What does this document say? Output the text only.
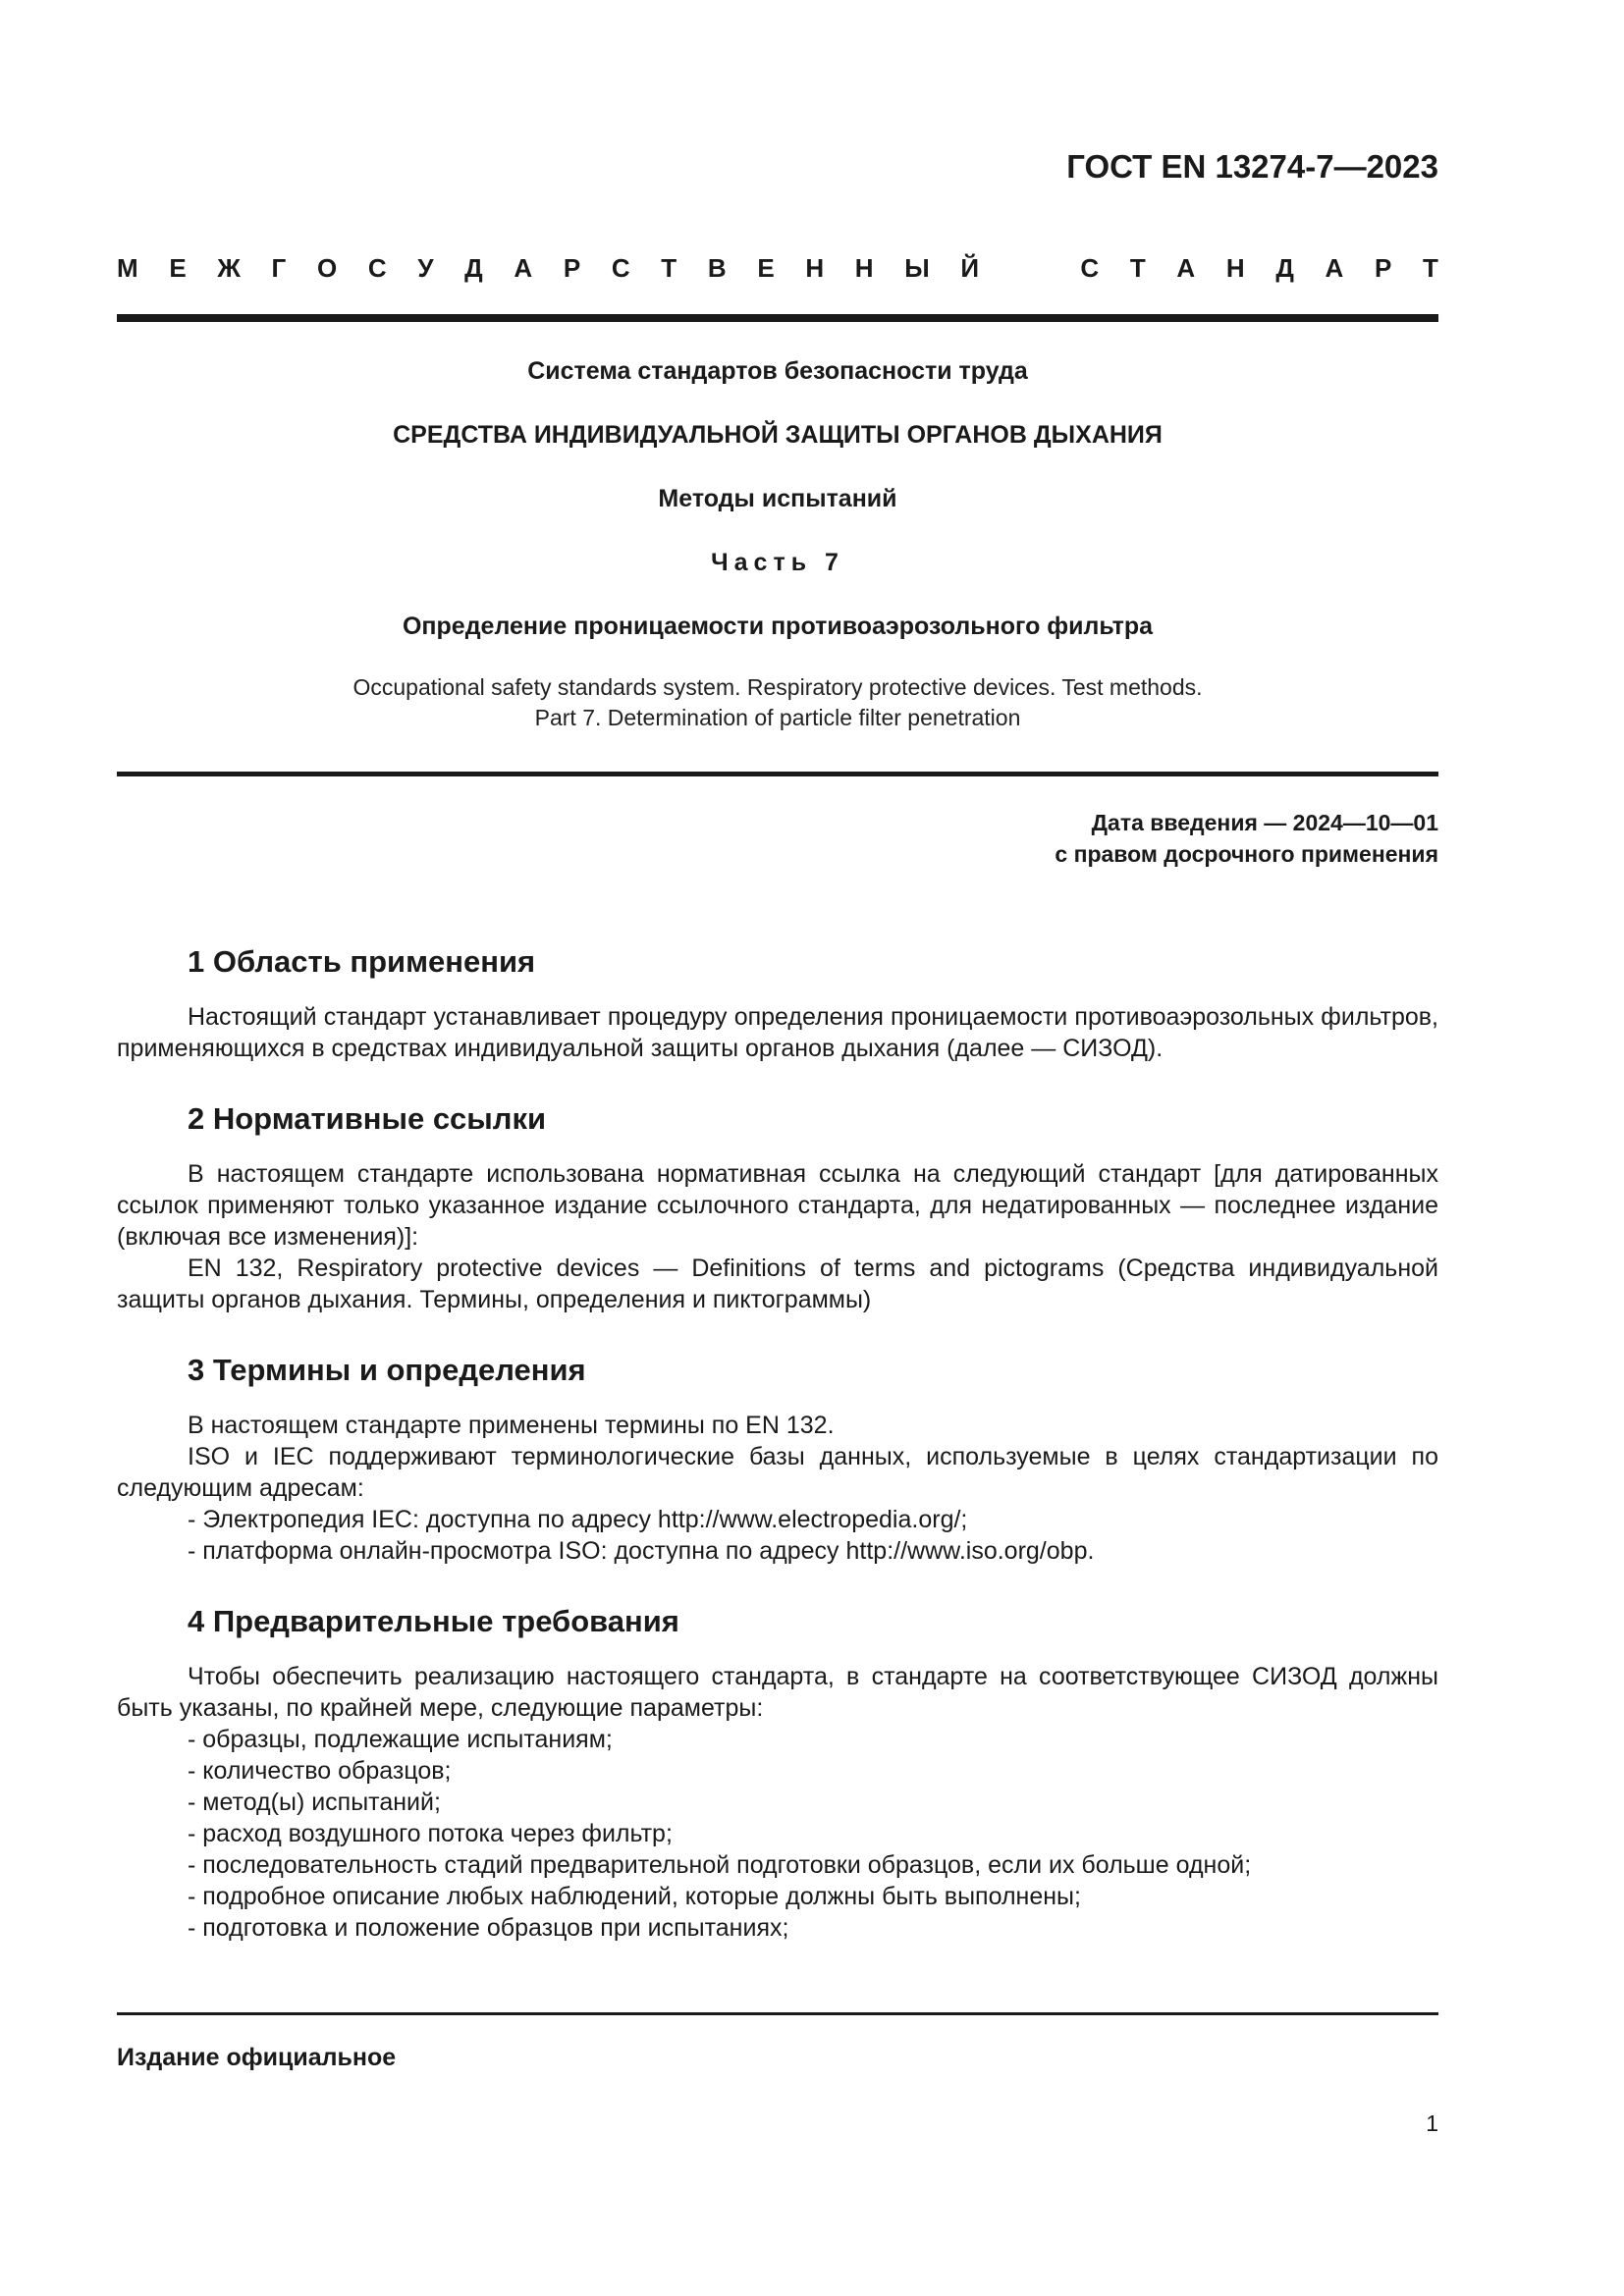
ГОСТ EN 13274-7—2023
М Е Ж Г О С У Д А Р С Т В Е Н Н Ы Й	С Т А Н Д А Р Т
Система стандартов безопасности труда
СРЕДСТВА ИНДИВИДУАЛЬНОЙ ЗАЩИТЫ ОРГАНОВ ДЫХАНИЯ
Методы испытаний
Часть 7
Определение проницаемости противоаэрозольного фильтра
Occupational safety standards system. Respiratory protective devices. Test methods.
Part 7. Determination of particle filter penetration
Дата введения — 2024—10—01
с правом досрочного применения
1 Область применения

Настоящий стандарт устанавливает процедуру определения проницаемости противоаэрозольных фильтров, применяющихся в средствах индивидуальной защиты органов дыхания (далее — СИЗОД).

2 Нормативные ссылки

В настоящем стандарте использована нормативная ссылка на следующий стандарт [для датированных ссылок применяют только указанное издание ссылочного стандарта, для недатированных — последнее издание (включая все изменения)]:

EN 132, Respiratory protective devices — Definitions of terms and pictograms (Средства индивидуальной защиты органов дыхания. Термины, определения и пиктограммы)

3 Термины и определения

В настоящем стандарте применены термины по EN 132.

ISO и IEC поддерживают терминологические базы данных, используемые в целях стандартизации по следующим адресам:

- Электропедия IEC: доступна по адресу http://www.electropedia.org/;

- платформа онлайн-просмотра ISO: доступна по адресу http://www.iso.org/obp.

4 Предварительные требования

Чтобы обеспечить реализацию настоящего стандарта, в стандарте на соответствующее СИЗОД должны быть указаны, по крайней мере, следующие параметры:

- образцы, подлежащие испытаниям;

- количество образцов;

- метод(ы) испытаний;

- расход воздушного потока через фильтр;

- последовательность стадий предварительной подготовки образцов, если их больше одной;

- подробное описание любых наблюдений, которые должны быть выполнены;

- подготовка и положение образцов при испытаниях;

Издание официальное
1
